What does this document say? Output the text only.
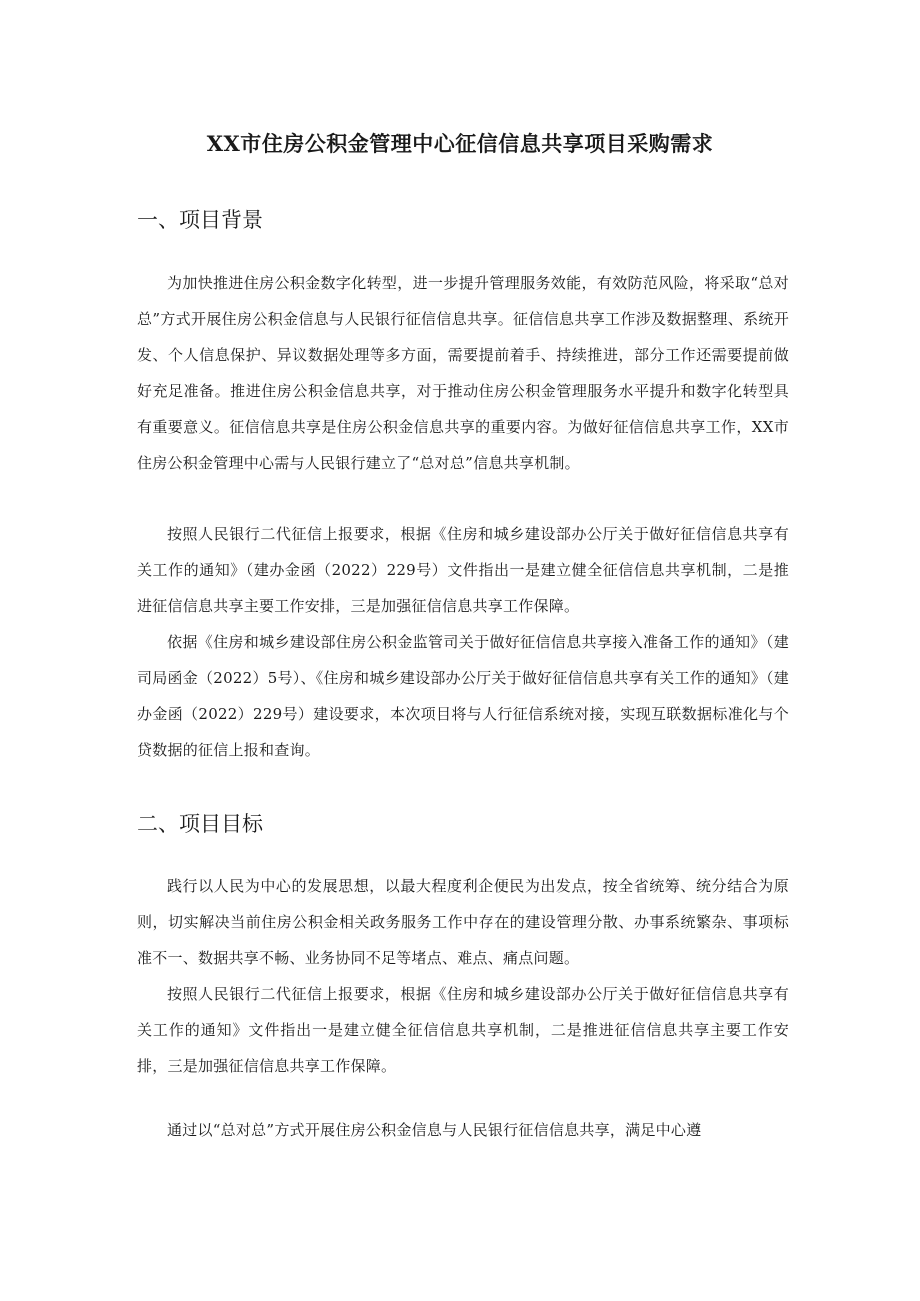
XX市住房公积金管理中心征信信息共享项目采购需求
一、项目背景
为加快推进住房公积金数字化转型，进一步提升管理服务效能，有效防范风险，将采取“总对总”方式开展住房公积金信息与人民银行征信信息共享。征信信息共享工作涉及数据整理、系统开发、个人信息保护、异议数据处理等多方面，需要提前着手、持续推进，部分工作还需要提前做好充足准备。推进住房公积金信息共享，对于推动住房公积金管理服务水平提升和数字化转型具有重要意义。征信信息共享是住房公积金信息共享的重要内容。为做好征信信息共享工作，XX市住房公积金管理中心需与人民银行建立了“总对总”信息共享机制。
按照人民银行二代征信上报要求，根据《住房和城乡建设部办公厅关于做好征信信息共享有关工作的通知》（建办金函（2022）229号）文件指出一是建立健全征信信息共享机制，二是推进征信信息共享主要工作安排，三是加强征信信息共享工作保障。
依据《住房和城乡建设部住房公积金监管司关于做好征信信息共享接入准备工作的通知》（建司局函金（2022）5号）、《住房和城乡建设部办公厅关于做好征信信息共享有关工作的通知》（建办金函（2022）229号）建设要求，本次项目将与人行征信系统对接，实现互联数据标准化与个贷数据的征信上报和查询。
二、项目目标
践行以人民为中心的发展思想，以最大程度利企便民为出发点，按全省统筹、统分结合为原则，切实解决当前住房公积金相关政务服务工作中存在的建设管理分散、办事系统繁杂、事项标准不一、数据共享不畅、业务协同不足等堵点、难点、痛点问题。
按照人民银行二代征信上报要求，根据《住房和城乡建设部办公厅关于做好征信信息共享有关工作的通知》文件指出一是建立健全征信信息共享机制，二是推进征信信息共享主要工作安排，三是加强征信信息共享工作保障。
通过以“总对总”方式开展住房公积金信息与人民银行征信信息共享，满足中心遵
